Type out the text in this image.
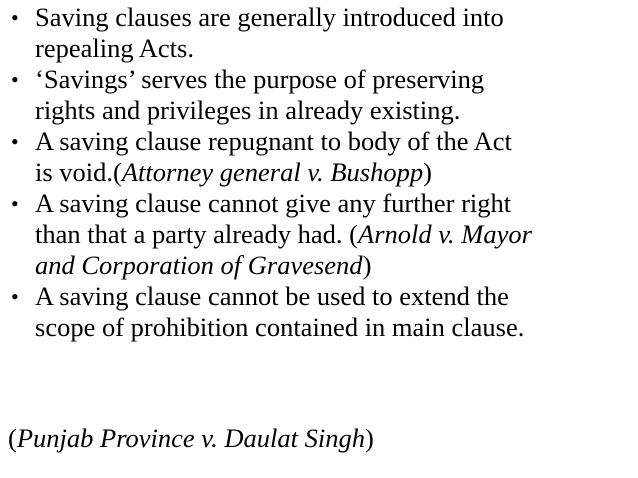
• Saving clauses are generally introduced into
repealing Acts.
• ‘Savings’ serves the purpose of preserving
rights and privileges in already existing.
• A saving clause repugnant to body of the Act
is void.(Attorney general v. Bushopp)
• A saving clause cannot give any further right
than that a party already had. (Arnold v. Mayor
and Corporation of Gravesend)
• A saving clause cannot be used to extend the
scope of prohibition contained in main clause.
(Punjab Province v. Daulat Singh)
